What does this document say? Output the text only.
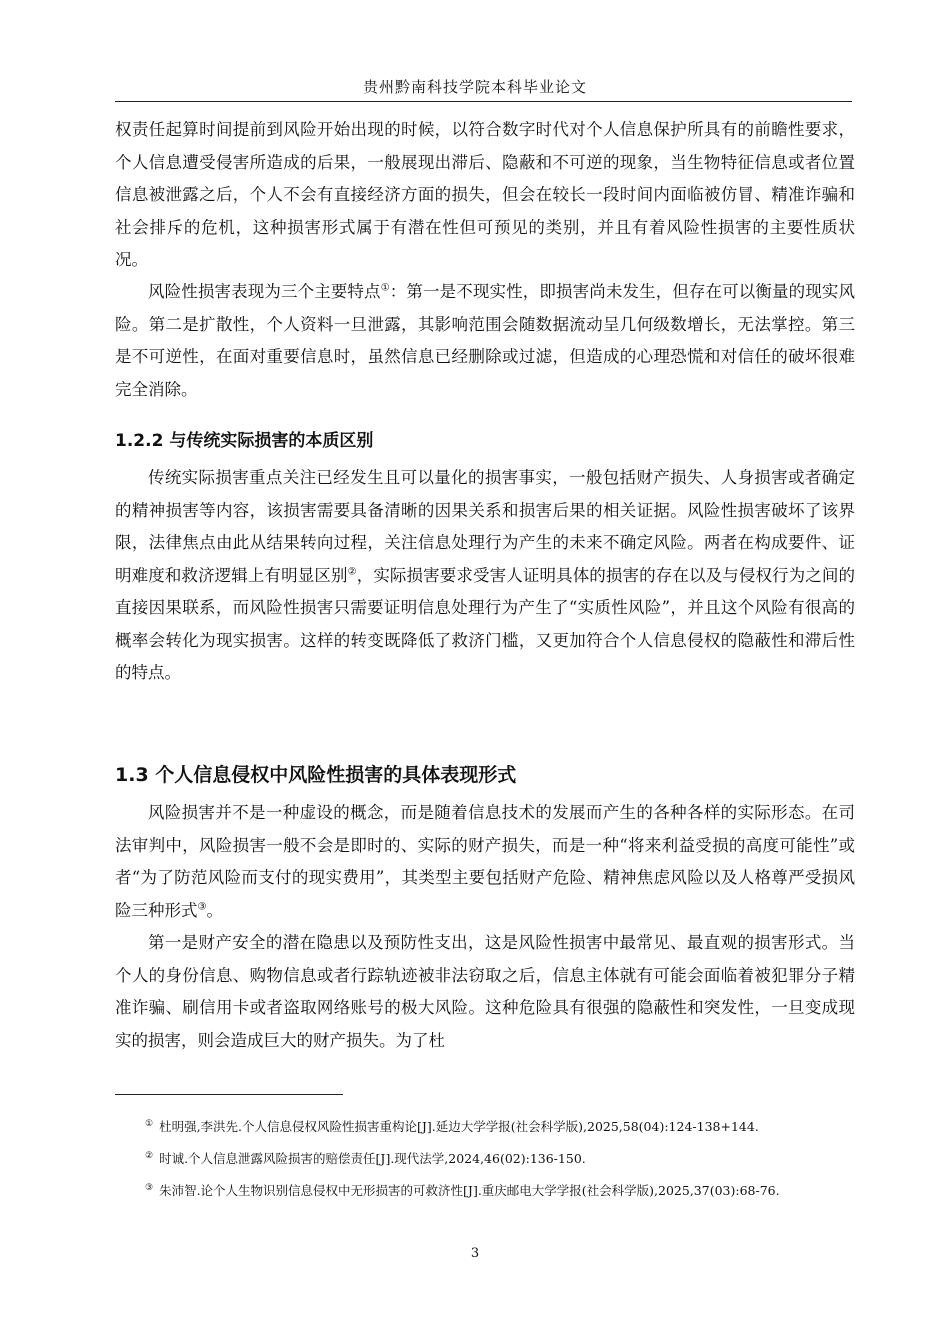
贵州黔南科技学院本科毕业论文

权责任起算时间提前到风险开始出现的时候，以符合数字时代对个人信息保护所具有的前瞻性要求，个人信息遭受侵害所造成的后果，一般展现出滞后、隐蔽和不可逆的现象，当生物特征信息或者位置信息被泄露之后，个人不会有直接经济方面的损失，但会在较长一段时间内面临被仿冒、精准诈骗和社会排斥的危机，这种损害形式属于有潜在性但可预见的类别，并且有着风险性损害的主要性质状况。

风险性损害表现为三个主要特点①：第一是不现实性，即损害尚未发生，但存在可以衡量的现实风险。第二是扩散性，个人资料一旦泄露，其影响范围会随数据流动呈几何级数增长，无法掌控。第三是不可逆性，在面对重要信息时，虽然信息已经删除或过滤，但造成的心理恐慌和对信任的破坏很难完全消除。

1.2.2 与传统实际损害的本质区别

传统实际损害重点关注已经发生且可以量化的损害事实，一般包括财产损失、人身损害或者确定的精神损害等内容，该损害需要具备清晰的因果关系和损害后果的相关证据。风险性损害破坏了该界限，法律焦点由此从结果转向过程，关注信息处理行为产生的未来不确定风险。两者在构成要件、证明难度和救济逻辑上有明显区别②，实际损害要求受害人证明具体的损害的存在以及与侵权行为之间的直接因果联系，而风险性损害只需要证明信息处理行为产生了“实质性风险”，并且这个风险有很高的概率会转化为现实损害。这样的转变既降低了救济门槛，又更加符合个人信息侵权的隐蔽性和滞后性的特点。

1.3 个人信息侵权中风险性损害的具体表现形式

风险损害并不是一种虚设的概念，而是随着信息技术的发展而产生的各种各样的实际形态。在司法审判中，风险损害一般不会是即时的、实际的财产损失，而是一种“将来利益受损的高度可能性”或者“为了防范风险而支付的现实费用”，其类型主要包括财产危险、精神焦虑风险以及人格尊严受损风险三种形式③。

第一是财产安全的潜在隐患以及预防性支出，这是风险性损害中最常见、最直观的损害形式。当个人的身份信息、购物信息或者行踪轨迹被非法窃取之后，信息主体就有可能会面临着被犯罪分子精准诈骗、刷信用卡或者盗取网络账号的极大风险。这种危险具有很强的隐蔽性和突发性，一旦变成现实的损害，则会造成巨大的财产损失。为了杜

① 杜明强,李洪先.个人信息侵权风险性损害重构论[J].延边大学学报(社会科学版),2025,58(04):124-138+144.

② 时诚.个人信息泄露风险损害的赔偿责任[J].现代法学,2024,46(02):136-150.

③ 朱沛智.论个人生物识别信息侵权中无形损害的可救济性[J].重庆邮电大学学报(社会科学版),2025,37(03):68-76.

3
